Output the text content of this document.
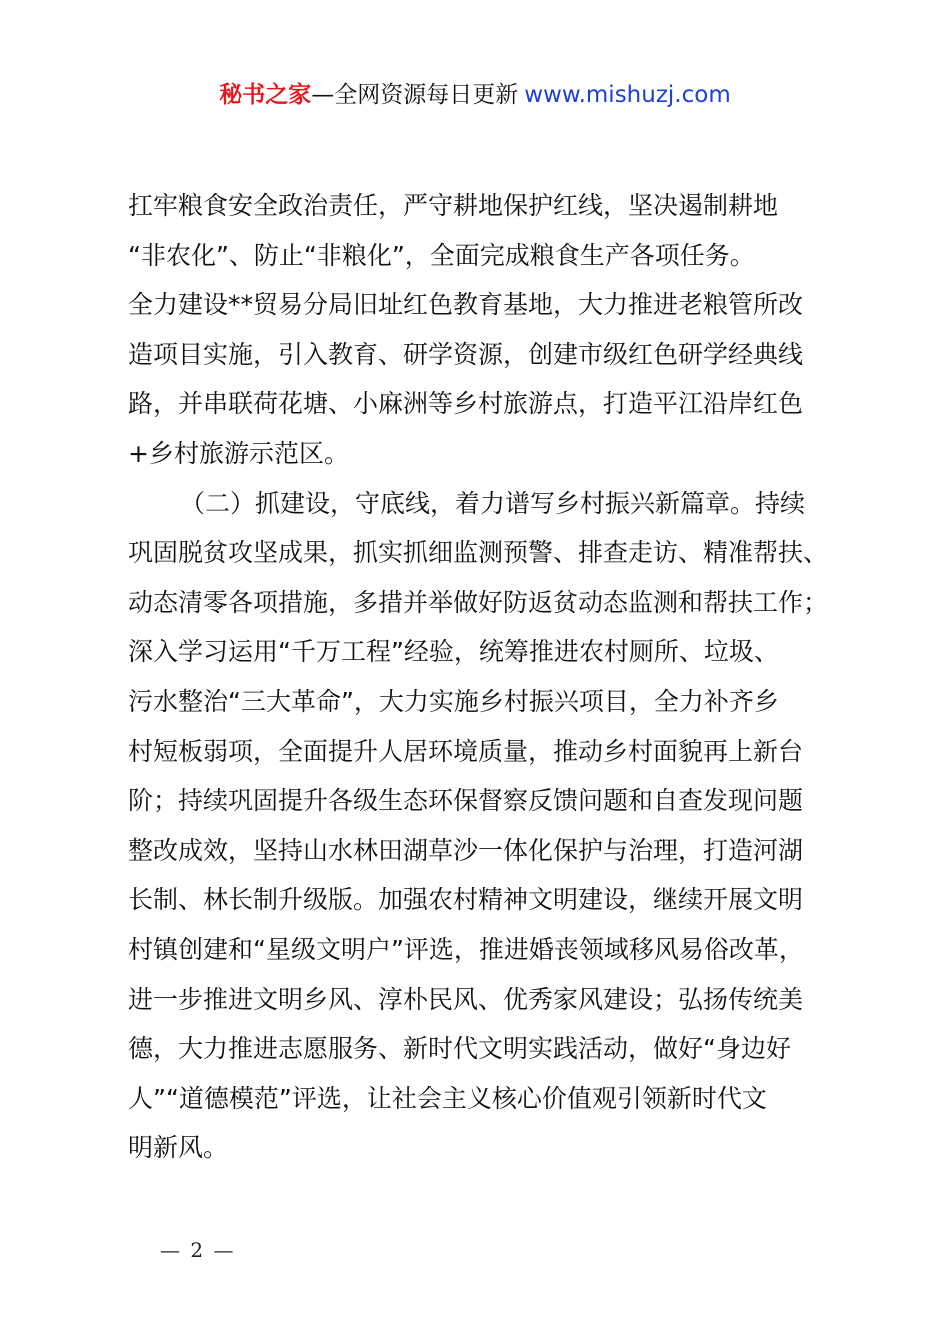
秘书之家—全网资源每日更新 www.mishuzj.com
扛牢粮食安全政治责任，严守耕地保护红线，坚决遏制耕地
“非农化”、防止“非粮化”，全面完成粮食生产各项任务。
全力建设**贸易分局旧址红色教育基地，大力推进老粮管所改
造项目实施，引入教育、研学资源，创建市级红色研学经典线
路，并串联荷花塘、小麻洲等乡村旅游点，打造平江沿岸红色
+乡村旅游示范区。
（二）抓建设，守底线，着力谱写乡村振兴新篇章。持续
巩固脱贫攻坚成果，抓实抓细监测预警、排查走访、精准帮扶、
动态清零各项措施，多措并举做好防返贫动态监测和帮扶工作；
深入学习运用“千万工程”经验，统筹推进农村厕所、垃圾、
污水整治“三大革命”，大力实施乡村振兴项目，全力补齐乡
村短板弱项，全面提升人居环境质量，推动乡村面貌再上新台
阶；持续巩固提升各级生态环保督察反馈问题和自查发现问题
整改成效，坚持山水林田湖草沙一体化保护与治理，打造河湖
长制、林长制升级版。加强农村精神文明建设，继续开展文明
村镇创建和“星级文明户”评选，推进婚丧领域移风易俗改革，
进一步推进文明乡风、淳朴民风、优秀家风建设；弘扬传统美
德，大力推进志愿服务、新时代文明实践活动，做好“身边好
人”“道德模范”评选，让社会主义核心价值观引领新时代文
明新风。
— 2 —
